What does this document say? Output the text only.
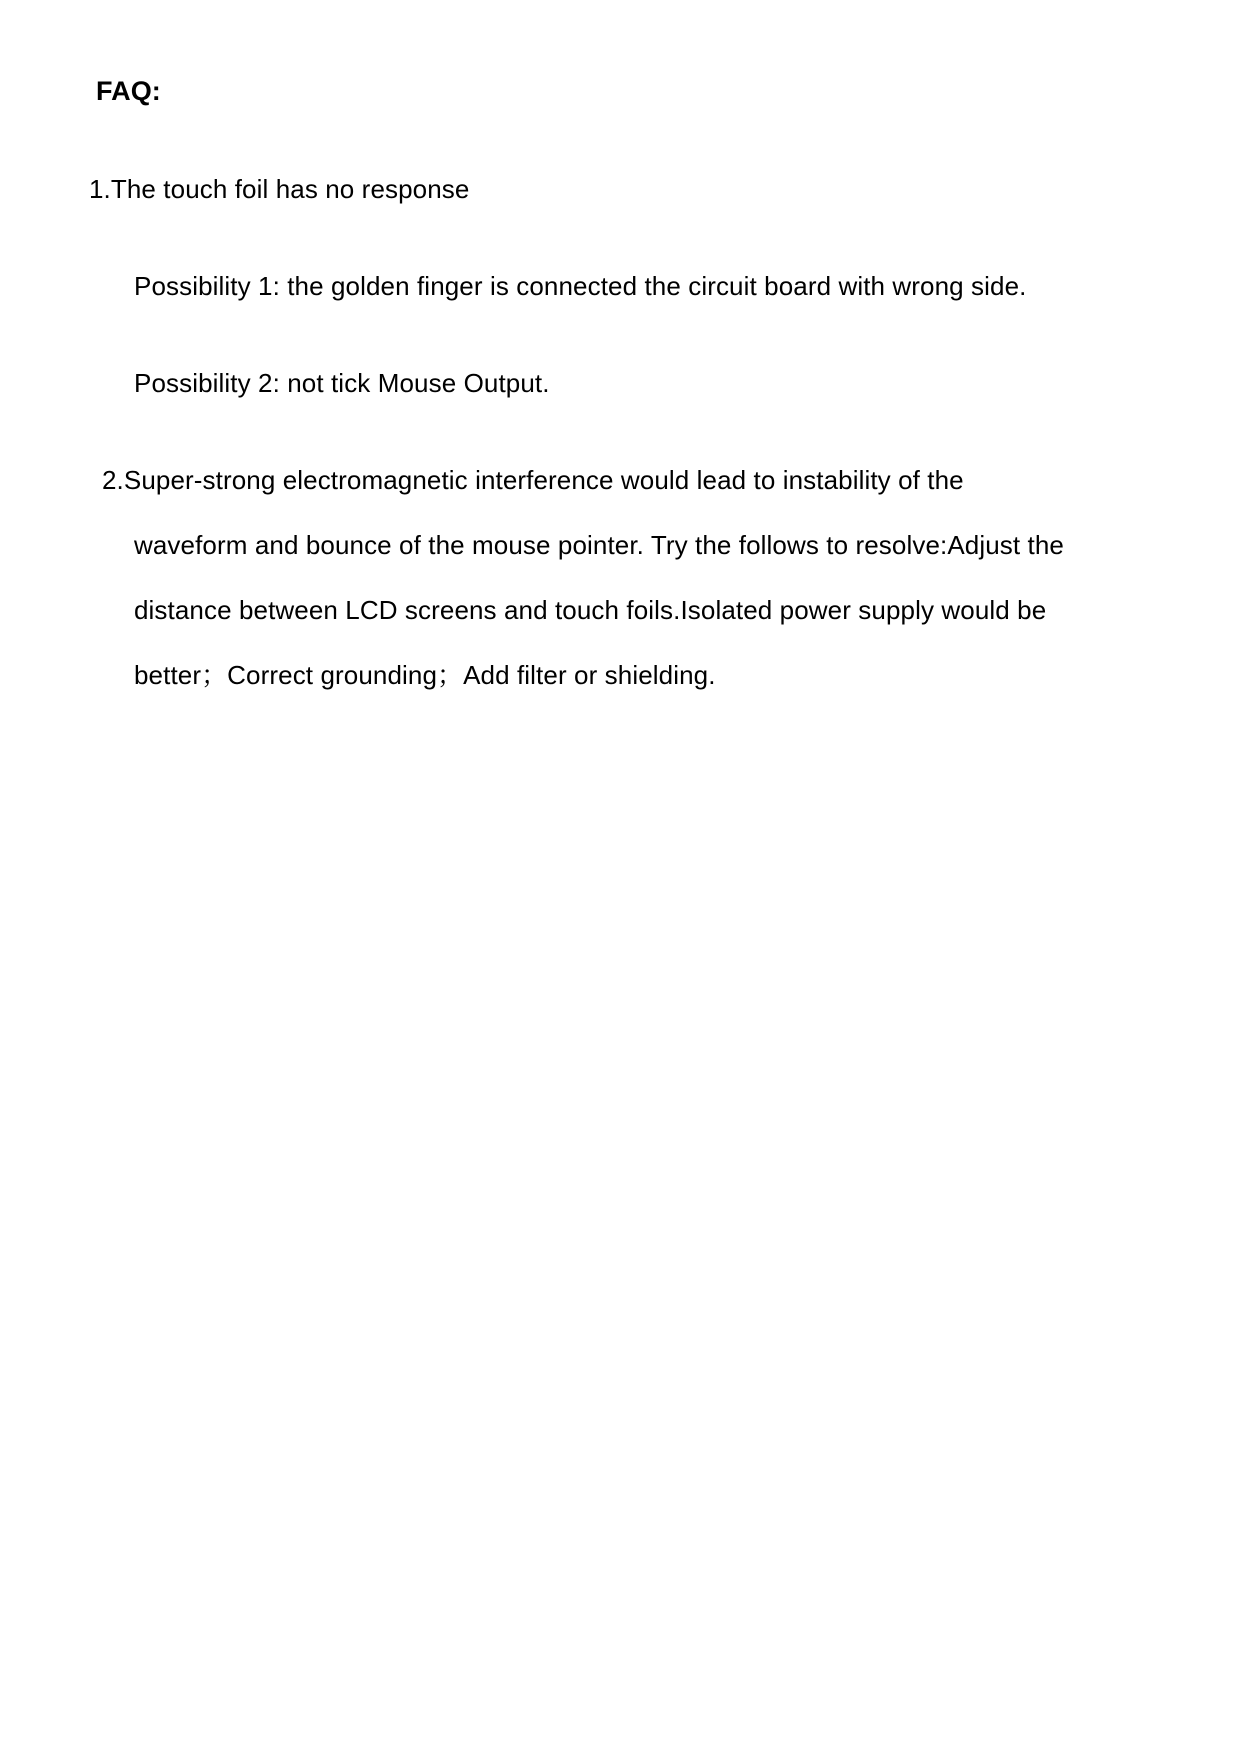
FAQ:
1.The touch foil has no response
Possibility 1: the golden finger is connected the circuit board with wrong side.
Possibility 2: not tick Mouse Output.
2.Super-strong electromagnetic interference would lead to instability of the
waveform and bounce of the mouse pointer. Try the follows to resolve:Adjust the
distance between LCD screens and touch foils.Isolated power supply would be
better；Correct grounding；Add filter or shielding.
